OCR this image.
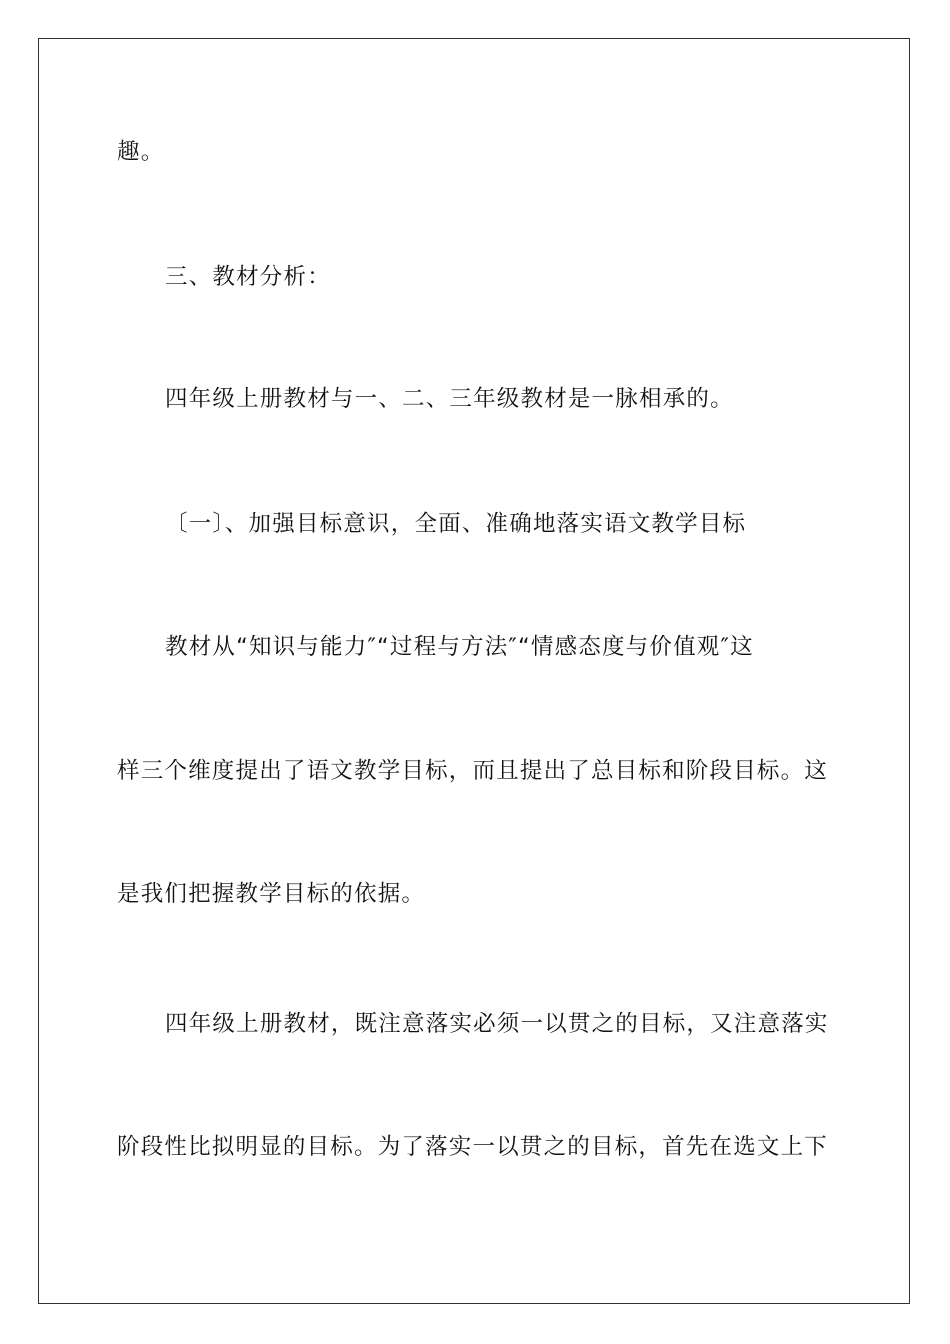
趣。
三、教材分析：
四年级上册教材与一、二、三年级教材是一脉相承的。
〔一〕、加强目标意识，全面、准确地落实语文教学目标
教材从“知识与能力″“过程与方法″“情感态度与价值观″这
样三个维度提出了语文教学目标，而且提出了总目标和阶段目标。这
是我们把握教学目标的依据。
四年级上册教材，既注意落实必须一以贯之的目标，又注意落实
阶段性比拟明显的目标。为了落实一以贯之的目标，首先在选文上下
